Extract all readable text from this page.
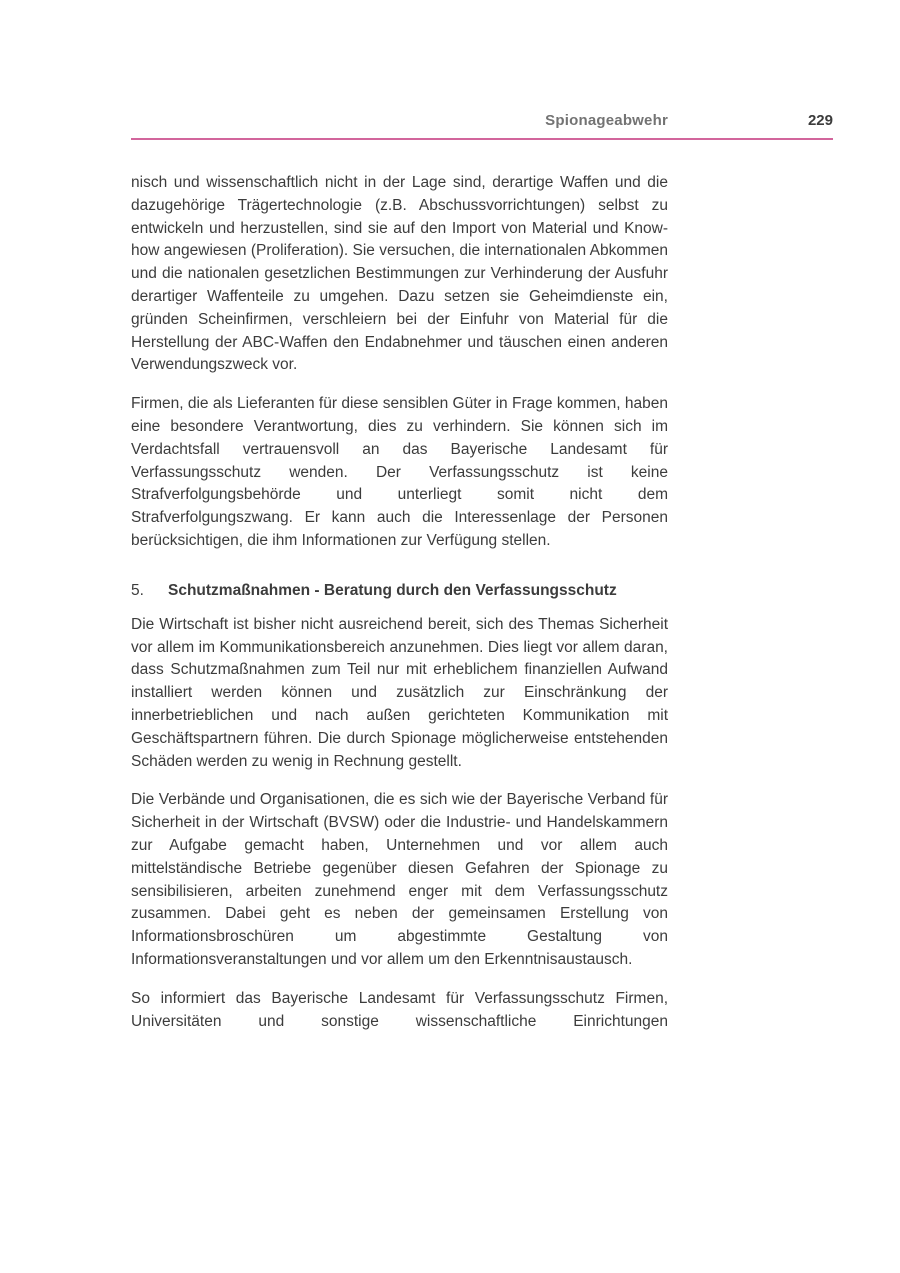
Spionageabwehr	229

nisch und wissenschaftlich nicht in der Lage sind, derartige Waffen und die dazugehörige Trägertechnologie (z.B. Abschussvorrichtungen) selbst zu entwickeln und herzustellen, sind sie auf den Import von Material und Know-how angewiesen (Proliferation). Sie versuchen, die internationalen Abkommen und die nationalen gesetzlichen Bestimmungen zur Verhinderung der Ausfuhr derartiger Waffenteile zu umgehen. Dazu setzen sie Geheimdienste ein, gründen Scheinfirmen, verschleiern bei der Einfuhr von Material für die Herstellung der ABC-Waffen den Endabnehmer und täuschen einen anderen Verwendungszweck vor.

Firmen, die als Lieferanten für diese sensiblen Güter in Frage kommen, haben eine besondere Verantwortung, dies zu verhindern. Sie können sich im Verdachtsfall vertrauensvoll an das Bayerische Landesamt für Verfassungsschutz wenden. Der Verfassungsschutz ist keine Strafverfolgungsbehörde und unterliegt somit nicht dem Strafverfolgungszwang. Er kann auch die Interessenlage der Personen berücksichtigen, die ihm Informationen zur Verfügung stellen.

5.	Schutzmaßnahmen - Beratung durch den Verfassungsschutz

Die Wirtschaft ist bisher nicht ausreichend bereit, sich des Themas Sicherheit vor allem im Kommunikationsbereich anzunehmen. Dies liegt vor allem daran, dass Schutzmaßnahmen zum Teil nur mit erheblichem finanziellen Aufwand installiert werden können und zusätzlich zur Einschränkung der innerbetrieblichen und nach außen gerichteten Kommunikation mit Geschäftspartnern führen. Die durch Spionage möglicherweise entstehenden Schäden werden zu wenig in Rechnung gestellt.

Die Verbände und Organisationen, die es sich wie der Bayerische Verband für Sicherheit in der Wirtschaft (BVSW) oder die Industrie- und Handelskammern zur Aufgabe gemacht haben, Unternehmen und vor allem auch mittelständische Betriebe gegenüber diesen Gefahren der Spionage zu sensibilisieren, arbeiten zunehmend enger mit dem Verfassungsschutz zusammen. Dabei geht es neben der gemeinsamen Erstellung von Informationsbroschüren um abgestimmte Gestaltung von Informationsveranstaltungen und vor allem um den Erkenntnisaustausch.

So informiert das Bayerische Landesamt für Verfassungsschutz Firmen, Universitäten und sonstige wissenschaftliche Einrichtungen
